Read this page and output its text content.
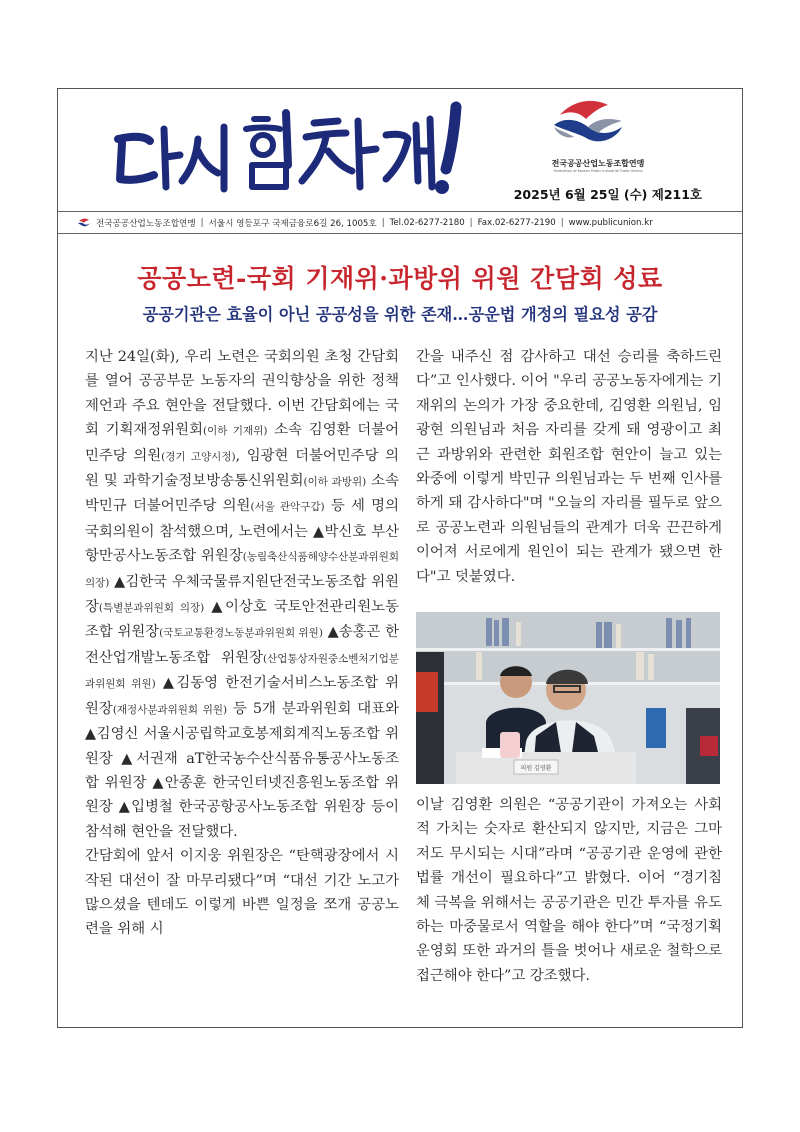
전국공공산업노동조합연맹
Federation of Korean Public Industrial Trade Unions
2025년 6월 25일 (수) 제211호
전국공공산업노동조합연맹 | 서울시 영등포구 국제금융로6길 26, 1005호 | Tel.02-6277-2180 | Fax.02-6277-2190 | www.publicunion.kr
공공노련-국회 기재위·과방위 위원 간담회 성료
공공기관은 효율이 아닌 공공성을 위한 존재…공운법 개정의 필요성 공감

지난 24일(화), 우리 노련은 국회의원 초청 간담회를 열어 공공부문 노동자의 권익향상을 위한 정책제언과 주요 현안을 전달했다. 이번 간담회에는 국회 기획재정위원회(이하 기재위) 소속 김영환 더불어민주당 의원(경기 고양시정), 임광현 더불어민주당 의원 및 과학기술정보방송통신위원회(이하 과방위) 소속 박민규 더불어민주당 의원(서울 관악구갑) 등 세 명의 국회의원이 참석했으며, 노련에서는 ▲박신호 부산항만공사노동조합 위원장(농림축산식품해양수산분과위원회 의장) ▲김한국 우체국물류지원단전국노동조합 위원장(특별분과위원회 의장) ▲이상호 국토안전관리원노동조합 위원장(국토교통환경노동분과위원회 위원) ▲송홍곤 한전산업개발노동조합 위원장(산업통상자원중소벤처기업분과위원회 위원) ▲김동영 한전기술서비스노동조합 위원장(재정사분과위원회 위원) 등 5개 분과위원회 대표와 ▲김영신 서울시공립학교호봉제회계직노동조합 위원장 ▲서권재 aT한국농수산식품유통공사노동조합 위원장 ▲안종훈 한국인터넷진흥원노동조합 위원장 ▲입병철 한국공항공사노동조합 위원장 등이 참석해 현안을 전달했다.

간담회에 앞서 이지웅 위원장은 “탄핵광장에서 시작된 대선이 잘 마무리됐다”며 “대선 기간 노고가 많으셨을 텐데도 이렇게 바쁜 일정을 쪼개 공공노련을 위해 시

간을 내주신 점 감사하고 대선 승리를 축하드린다”고 인사했다. 이어 "우리 공공노동자에게는 기재위의 논의가 가장 중요한데, 김영환 의원님, 임광현 의원님과 처음 자리를 갖게 돼 영광이고 최근 과방위와 관련한 회원조합 현안이 늘고 있는 와중에 이렇게 박민규 의원님과는 두 번째 인사를 하게 돼 감사하다"며 "오늘의 자리를 필두로 앞으로 공공노련과 의원님들의 관계가 더욱 끈끈하게 이어져 서로에게 원인이 되는 관계가 됐으면 한다"고 덧붙였다.

의원 김영환

이날 김영환 의원은 “공공기관이 가져오는 사회적 가치는 숫자로 환산되지 않지만, 지금은 그마저도 무시되는 시대”라며 “공공기관 운영에 관한 법률 개선이 필요하다”고 밝혔다. 이어 “경기침체 극복을 위해서는 공공기관은 민간 투자를 유도하는 마중물로서 역할을 해야 한다”며 “국정기획운영회 또한 과거의 틀을 벗어나 새로운 철학으로 접근해야 한다”고 강조했다.
